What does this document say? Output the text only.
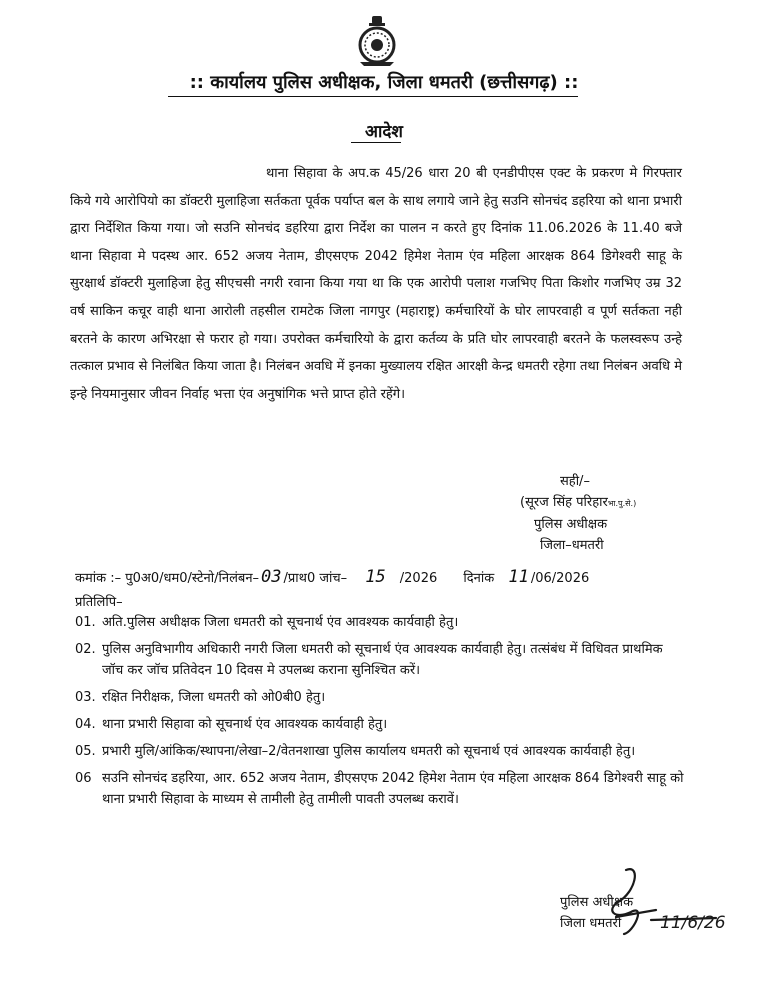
:: कार्यालय पुलिस अधीक्षक, जिला धमतरी (छत्तीसगढ़) ::
आदेश

थाना सिहावा के अप.क 45/26 धारा 20 बी एनडीपीएस एक्ट के प्रकरण मे गिरफ्तार किये गये आरोपियो का डॉक्टरी मुलाहिजा सर्तकता पूर्वक पर्याप्त बल के साथ लगाये जाने हेतु सउनि सोनचंद डहरिया को थाना प्रभारी द्वारा निर्देशित किया गया। जो सउनि सोनचंद डहरिया द्वारा निर्देश का पालन न करते हुए दिनांक 11.06.2026 के 11.40 बजे थाना सिहावा मे पदस्थ आर. 652 अजय नेताम, डीएसएफ 2042 हिमेश नेताम एंव महिला आरक्षक 864 डिगेश्वरी साहू के सुरक्षार्थ डॉक्टरी मुलाहिजा हेतु सीएचसी नगरी रवाना किया गया था कि एक आरोपी पलाश गजभिए पिता किशोर गजभिए उम्र 32 वर्ष साकिन कचूर वाही थाना आरोली तहसील रामटेक जिला नागपुर (महाराष्ट्र) कर्मचारियों के घोर लापरवाही व पूर्ण सर्तकता नही बरतने के कारण अभिरक्षा से फरार हो गया। उपरोक्त कर्मचारियो के द्वारा कर्तव्य के प्रति घोर लापरवाही बरतने के फलस्वरूप उन्हे तत्काल प्रभाव से निलंबित किया जाता है। निलंबन अवधि में इनका मुख्यालय रक्षित आरक्षी केन्द्र धमतरी रहेगा तथा निलंबन अवधि मे इन्हे नियमानुसार जीवन निर्वाह भत्ता एंव अनुषांगिक भत्ते प्राप्त होते रहेंगे।

सही/–
(सूरज सिंह परिहारभा.पु.से.)
पुलिस अधीक्षक
जिला–धमतरी
कमांक :– पु0अ0/धम0/स्टेनो/निलंबन– 03 /प्राथ0 जांच– 15 /2026 दिनांक 11 /06/2026
प्रतिलिपि–
01. अति.पुलिस अधीक्षक जिला धमतरी को सूचनार्थ एंव आवश्यक कार्यवाही हेतु।
02. पुलिस अनुविभागीय अधिकारी नगरी जिला धमतरी को सूचनार्थ एंव आवश्यक कार्यवाही हेतु। तत्संबंध में विधिवत प्राथमिक जॉच कर जॉच प्रतिवेदन 10 दिवस मे उपलब्ध कराना सुनिश्चित करें।
03. रक्षित निरीक्षक, जिला धमतरी को ओ0बी0 हेतु।
04. थाना प्रभारी सिहावा को सूचनार्थ एंव आवश्यक कार्यवाही हेतु।
05. प्रभारी मुलि/आंकिक/स्थापना/लेखा–2/वेतनशाखा पुलिस कार्यालय धमतरी को सूचनार्थ एवं आवश्यक कार्यवाही हेतु।
06 सउनि सोनचंद डहरिया, आर. 652 अजय नेताम, डीएसएफ 2042 हिमेश नेताम एंव महिला आरक्षक 864 डिगेश्वरी साहू को थाना प्रभारी सिहावा के माध्यम से तामीली हेतु तामीली पावती उपलब्ध करावें।
पुलिस अधीक्षक
जिला धमतरी	11/6/26
